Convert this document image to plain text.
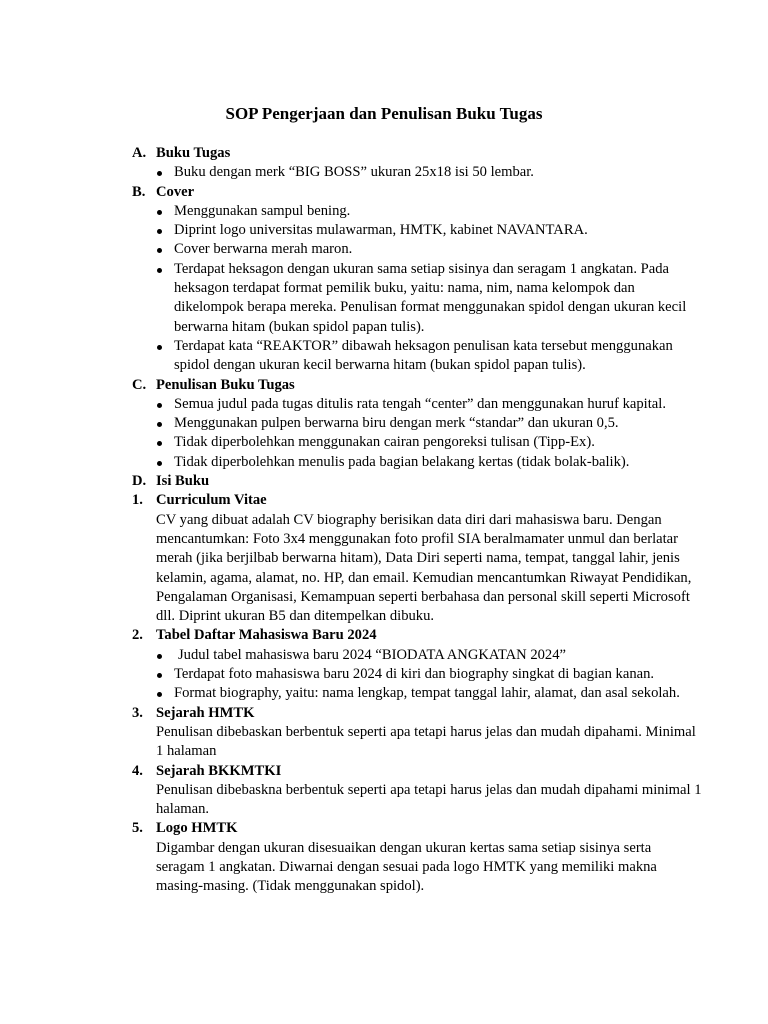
SOP Pengerjaan dan Penulisan Buku Tugas
A. Buku Tugas
Buku dengan merk “BIG BOSS” ukuran 25x18 isi 50 lembar.
B. Cover
Menggunakan sampul bening.
Diprint logo universitas mulawarman, HMTK, kabinet NAVANTARA.
Cover berwarna merah maron.
Terdapat heksagon dengan ukuran sama setiap sisinya dan seragam 1 angkatan. Pada heksagon terdapat format pemilik buku, yaitu: nama, nim, nama kelompok dan dikelompok berapa mereka. Penulisan format menggunakan spidol dengan ukuran kecil berwarna hitam (bukan spidol papan tulis).
Terdapat kata “REAKTOR” dibawah heksagon penulisan kata tersebut menggunakan spidol dengan ukuran kecil berwarna hitam (bukan spidol papan tulis).
C. Penulisan Buku Tugas
Semua judul pada tugas ditulis rata tengah “center” dan menggunakan huruf kapital.
Menggunakan pulpen berwarna biru dengan merk “standar” dan ukuran 0,5.
Tidak diperbolehkan menggunakan cairan pengoreksi tulisan (Tipp-Ex).
Tidak diperbolehkan menulis pada bagian belakang kertas (tidak bolak-balik).
D. Isi Buku
1. Curriculum Vitae
CV yang dibuat adalah CV biography berisikan data diri dari mahasiswa baru. Dengan mencantumkan: Foto 3x4 menggunakan foto profil SIA beralmamater unmul dan berlatar merah (jika berjilbab berwarna hitam), Data Diri seperti nama, tempat, tanggal lahir, jenis kelamin, agama, alamat, no. HP, dan email. Kemudian mencantumkan Riwayat Pendidikan, Pengalaman Organisasi, Kemampuan seperti berbahasa dan personal skill seperti Microsoft dll. Diprint ukuran B5 dan ditempelkan dibuku.
2. Tabel Daftar Mahasiswa Baru 2024
Judul tabel mahasiswa baru 2024 “BIODATA ANGKATAN 2024”
Terdapat foto mahasiswa baru 2024 di kiri dan biography singkat di bagian kanan.
Format biography, yaitu: nama lengkap, tempat tanggal lahir, alamat, dan asal sekolah.
3. Sejarah HMTK
Penulisan dibebaskan berbentuk seperti apa tetapi harus jelas dan mudah dipahami. Minimal 1 halaman
4. Sejarah BKKMTKI
Penulisan dibebaskna berbentuk seperti apa tetapi harus jelas dan mudah dipahami minimal 1 halaman.
5. Logo HMTK
Digambar dengan ukuran disesuaikan dengan ukuran kertas sama setiap sisinya serta seragam 1 angkatan. Diwarnai dengan sesuai pada logo HMTK yang memiliki makna masing-masing. (Tidak menggunakan spidol).
